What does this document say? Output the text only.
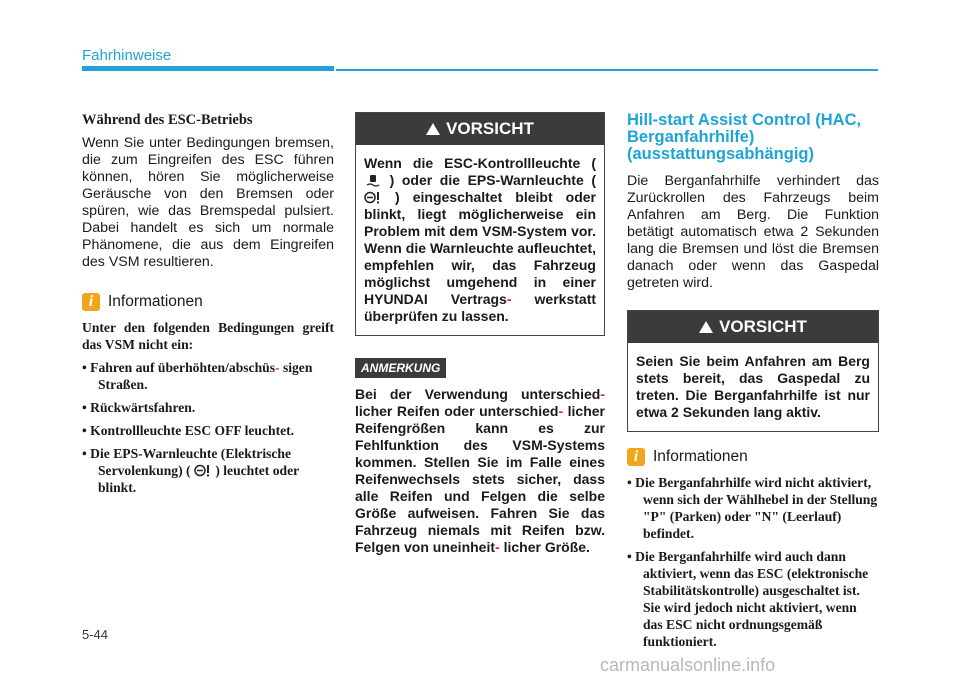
Fahrhinweise
Während des ESC-Betriebs

Wenn Sie unter Bedingungen bremsen, die zum Eingreifen des ESC führen können, hören Sie möglicherweise Geräusche von den Bremsen oder spüren, wie das Bremspedal pulsiert. Dabei handelt es sich um normale Phänomene, die aus dem Eingreifen des VSM resultieren.

i Informationen

Unter den folgenden Bedingungen greift das VSM nicht ein:

• Fahren auf überhöhten/abschüs- sigen Straßen.
• Rückwärtsfahren.
• Kontrollleuchte ESC OFF leuchtet.
• Die EPS-Warnleuchte (Elektrische Servolenkung) ( ) leuchtet oder blinkt.
VORSICHT
Wenn die ESC-Kontrollleuchte (  ) oder die EPS-Warnleuchte (  ) eingeschaltet bleibt oder blinkt, liegt möglicherweise ein Problem mit dem VSM-System vor. Wenn die Warnleuchte aufleuchtet, empfehlen wir, das Fahrzeug möglichst umgehend in einer HYUNDAI Vertrags- werkstatt überprüfen zu lassen.
ANMERKUNG

Bei der Verwendung unterschied- licher Reifen oder unterschied- licher Reifengrößen kann es zur Fehlfunktion des VSM-Systems kommen. Stellen Sie im Falle eines Reifenwechsels stets sicher, dass alle Reifen und Felgen die selbe Größe aufweisen. Fahren Sie das Fahrzeug niemals mit Reifen bzw. Felgen von uneinheit- licher Größe.

Hill-start Assist Control (HAC, Berganfahrhilfe) (ausstattungsabhängig)

Die Berganfahrhilfe verhindert das Zurückrollen des Fahrzeugs beim Anfahren am Berg. Die Funktion betätigt automatisch etwa 2 Sekunden lang die Bremsen und löst die Bremsen danach oder wenn das Gaspedal getreten wird.

VORSICHT
Seien Sie beim Anfahren am Berg stets bereit, das Gaspedal zu treten. Die Berganfahrhilfe ist nur etwa 2 Sekunden lang aktiv.
i Informationen
• Die Berganfahrhilfe wird nicht aktiviert, wenn sich der Wählhebel in der Stellung "P" (Parken) oder "N" (Leerlauf) befindet.
• Die Berganfahrhilfe wird auch dann aktiviert, wenn das ESC (elektronische Stabilitätskontrolle) ausgeschaltet ist. Sie wird jedoch nicht aktiviert, wenn das ESC nicht ordnungsgemäß funktioniert.
5-44
carmanualsonline.info
